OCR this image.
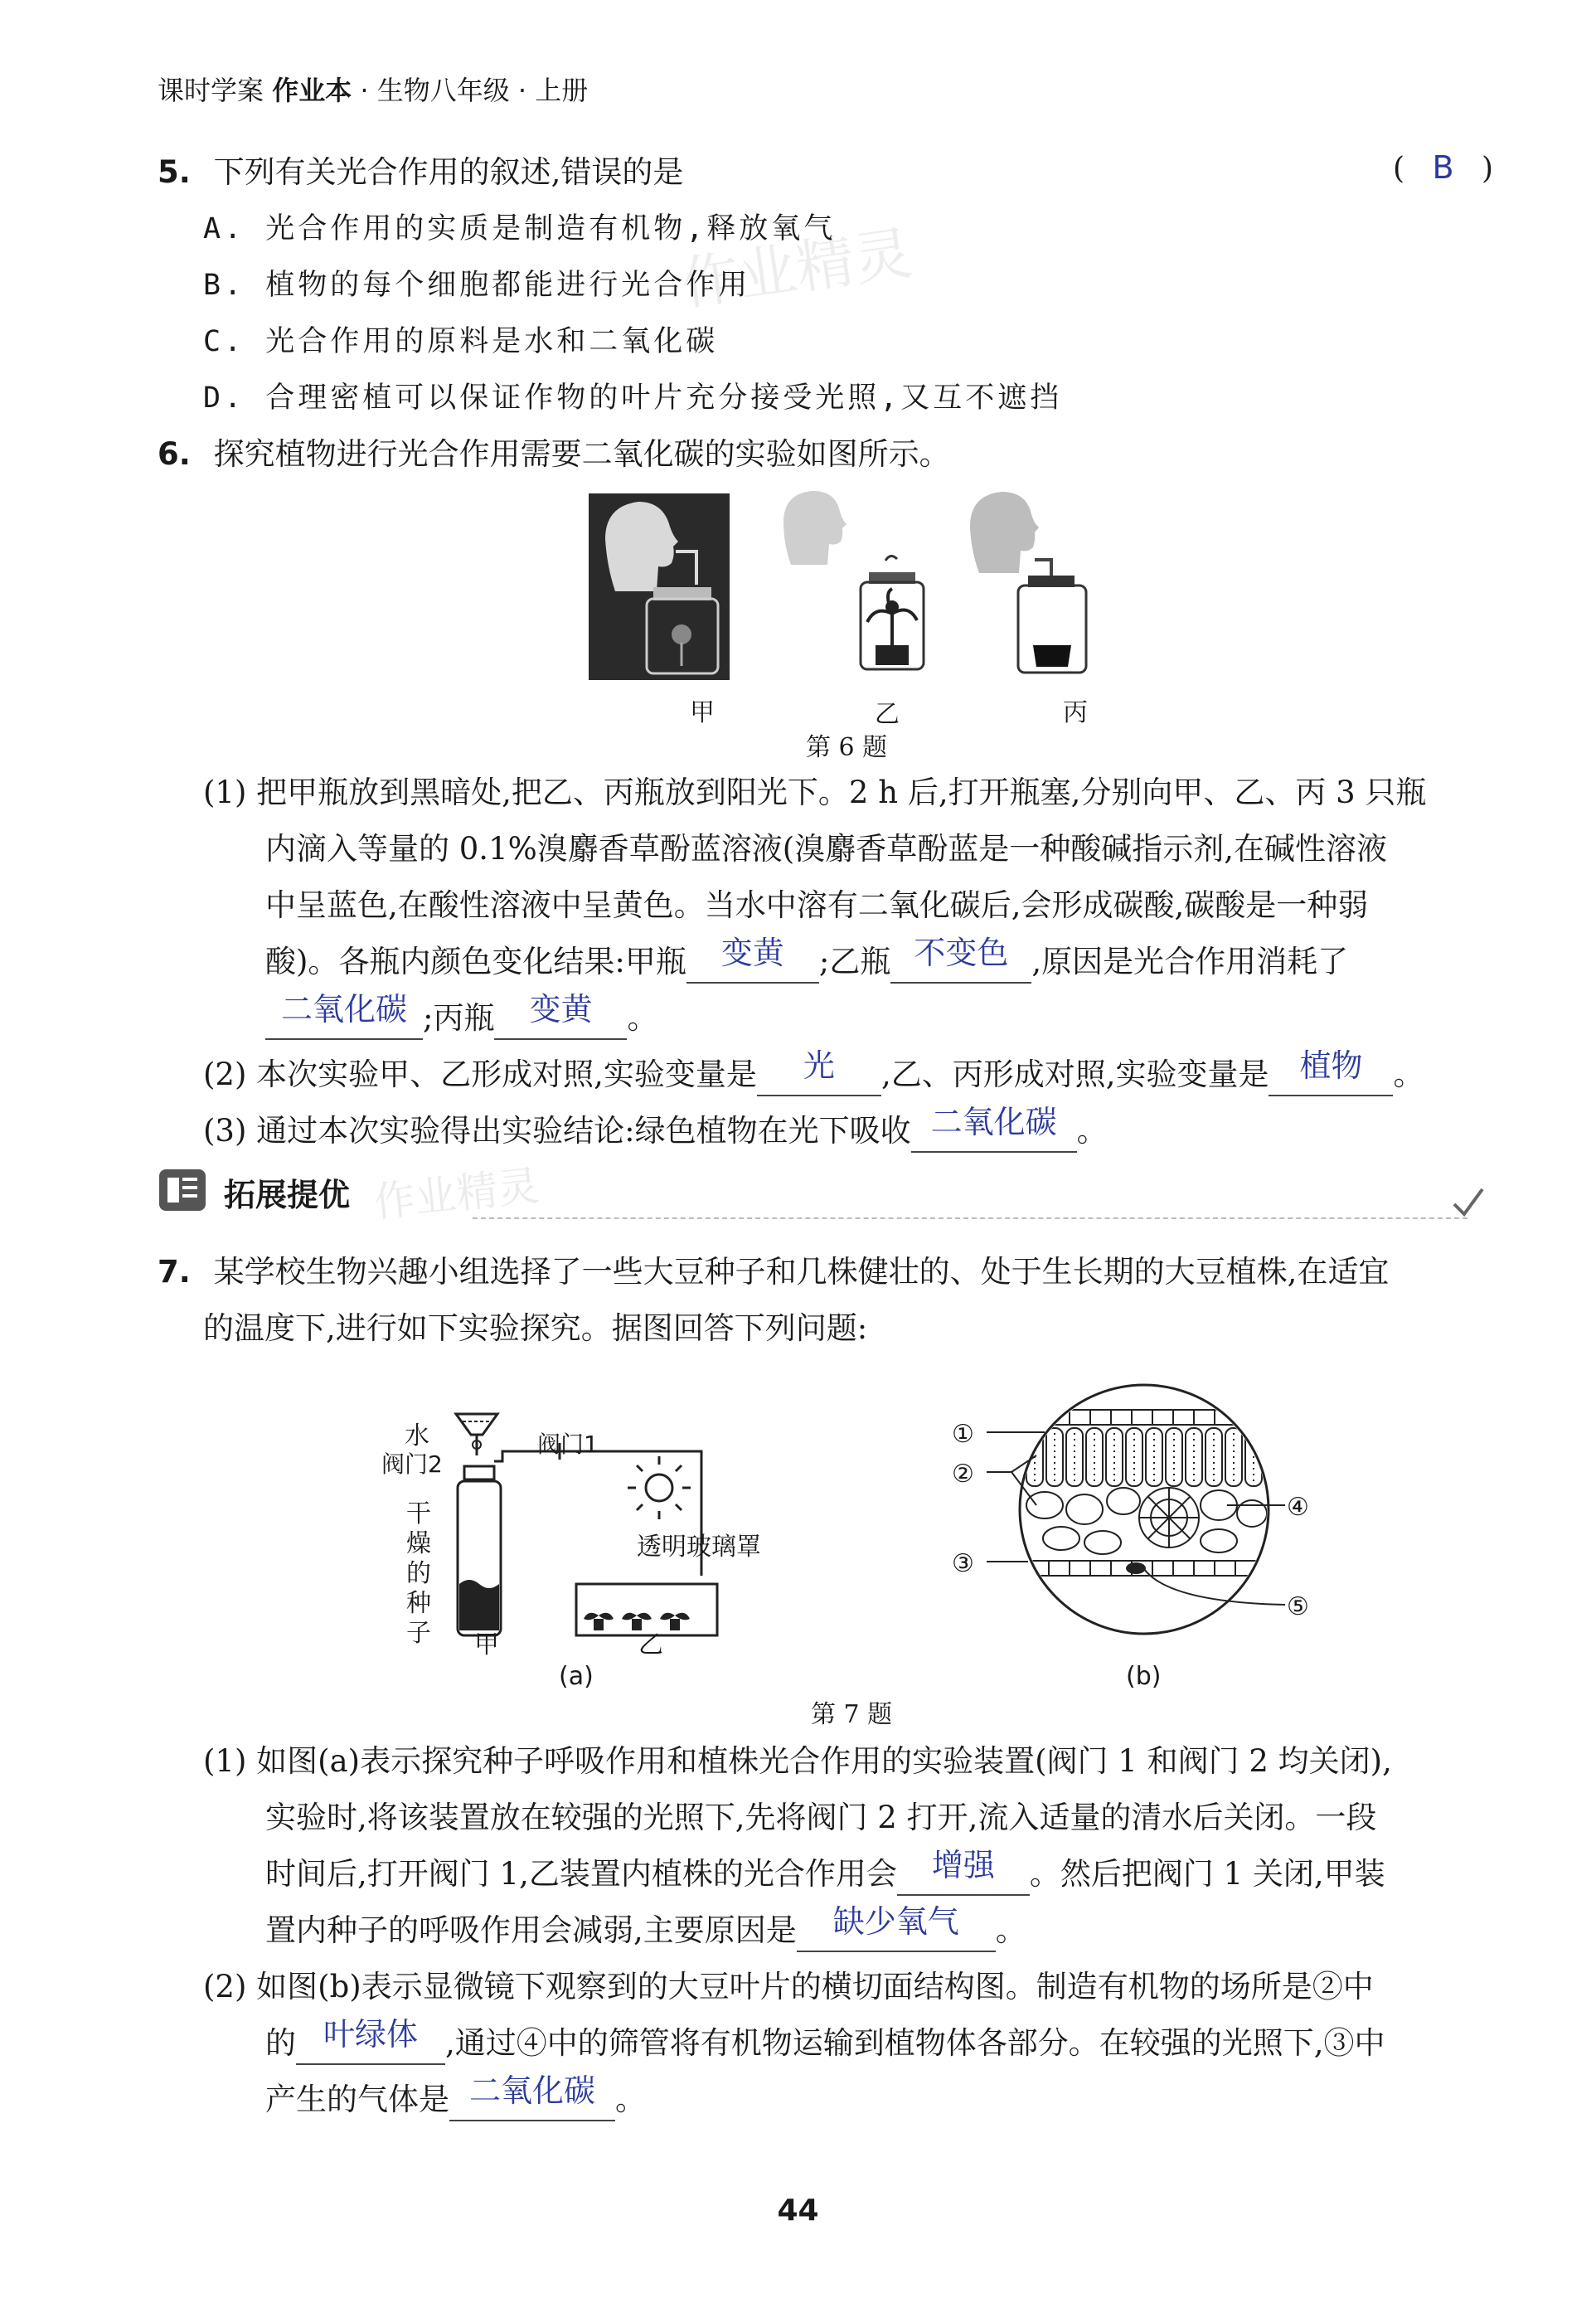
课时学案 作业本 · 生物八年级 · 上册
5. 下列有关光合作用的叙述,错误的是	( B )
A. 光合作用的实质是制造有机物,释放氧气
B. 植物的每个细胞都能进行光合作用
C. 光合作用的原料是水和二氧化碳
D. 合理密植可以保证作物的叶片充分接受光照,又互不遮挡
作业精灵
6. 探究植物进行光合作用需要二氧化碳的实验如图所示。
甲	乙	丙
第 6 题
(1) 把甲瓶放到黑暗处,把乙、丙瓶放到阳光下。2 h 后,打开瓶塞,分别向甲、乙、丙 3 只瓶
内滴入等量的 0.1%溴麝香草酚蓝溶液(溴麝香草酚蓝是一种酸碱指示剂,在碱性溶液
中呈蓝色,在酸性溶液中呈黄色。当水中溶有二氧化碳后,会形成碳酸,碳酸是一种弱
酸)。各瓶内颜色变化结果:甲瓶 变黄 ;乙瓶 不变色 ,原因是光合作用消耗了
二氧化碳 ;丙瓶 变黄 。
(2) 本次实验甲、乙形成对照,实验变量是 光 ,乙、丙形成对照,实验变量是 植物 。
(3) 通过本次实验得出实验结论:绿色植物在光下吸收 二氧化碳 。
拓展提优 作业精灵
7. 某学校生物兴趣小组选择了一些大豆种子和几株健壮的、处于生长期的大豆植株,在适宜
的温度下,进行如下实验探究。据图回答下列问题:
水
阀门2
阀门1
干
燥
的
种
子 甲
透明玻璃罩
乙
(a)
①
②
③
④
⑤
(b)
第 7 题
(1) 如图(a)表示探究种子呼吸作用和植株光合作用的实验装置(阀门 1 和阀门 2 均关闭),
实验时,将该装置放在较强的光照下,先将阀门 2 打开,流入适量的清水后关闭。一段
时间后,打开阀门 1,乙装置内植株的光合作用会 增强 。然后把阀门 1 关闭,甲装
置内种子的呼吸作用会减弱,主要原因是 缺少氧气 。
(2) 如图(b)表示显微镜下观察到的大豆叶片的横切面结构图。制造有机物的场所是②中
的 叶绿体 ,通过④中的筛管将有机物运输到植物体各部分。在较强的光照下,③中
产生的气体是 二氧化碳 。
44
